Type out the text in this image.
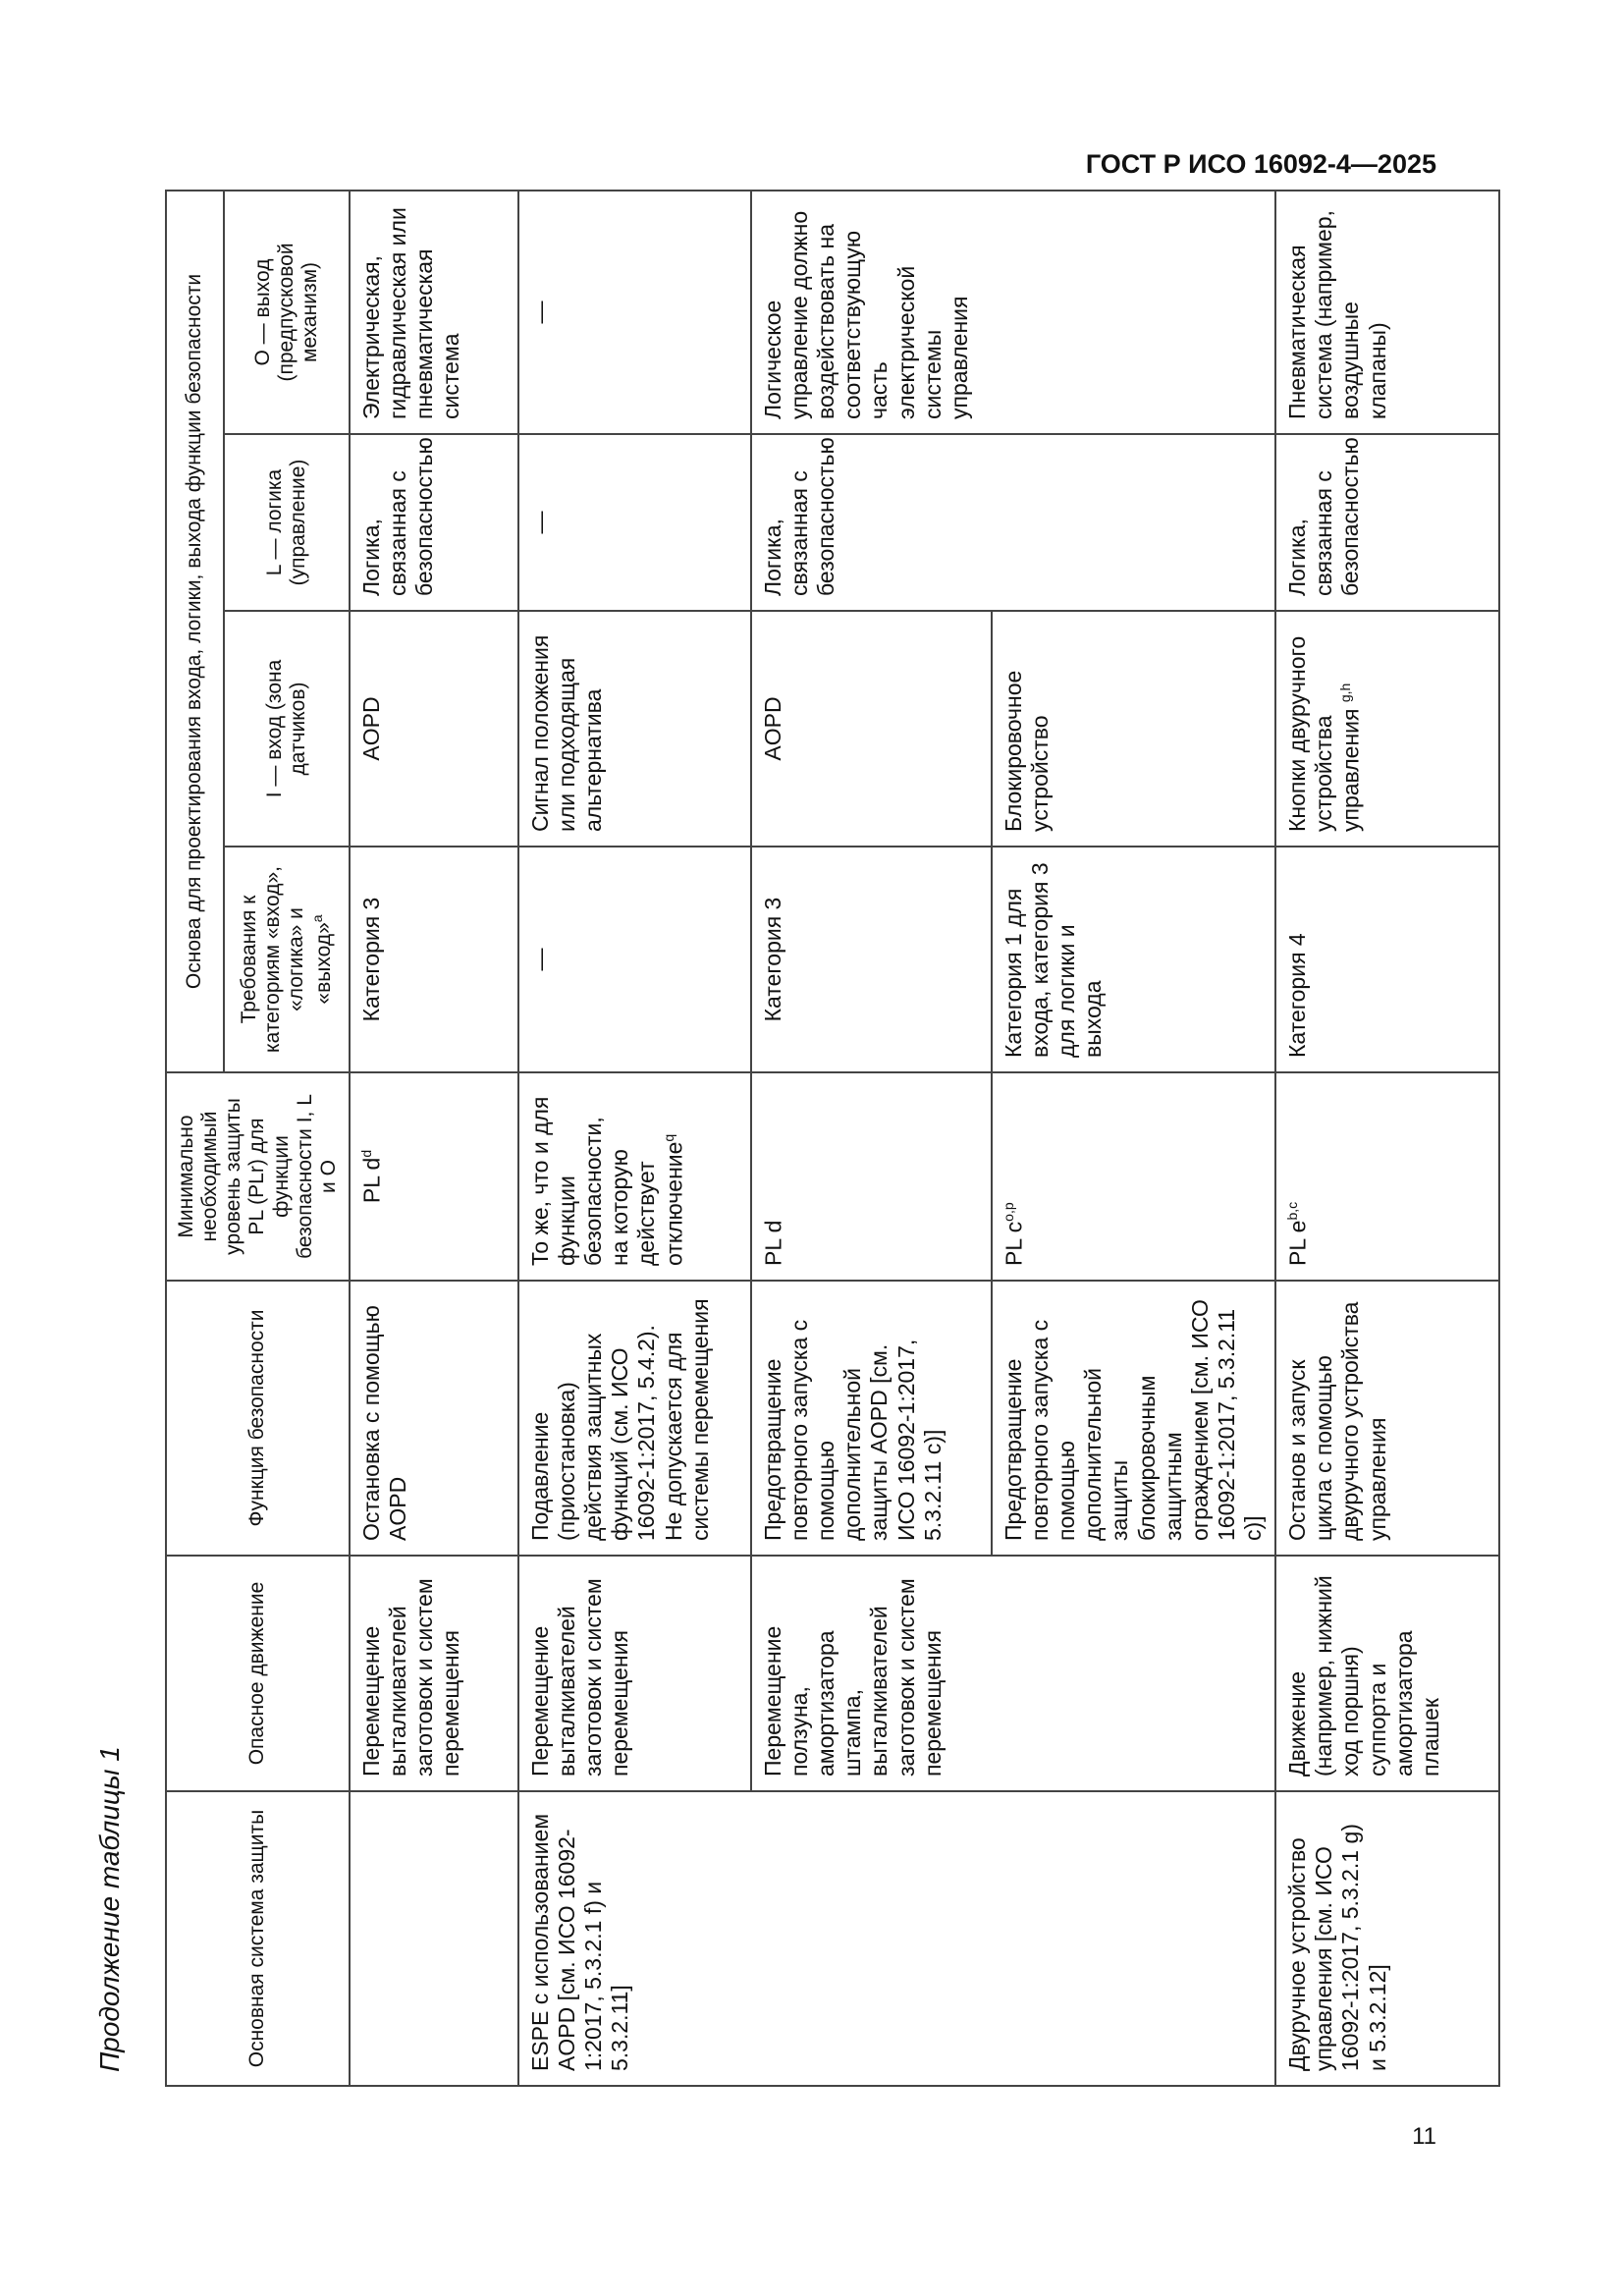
ГОСТ Р ИСО 16092-4—2025
Продолжение таблицы 1
11
Основная система защиты	Опасное движение	Функция безопасности	Минимально необходимый уровень защиты PL (PLr) для функции безопасности I, L и O	Основа для проектирования входа, логики, выхода функции безопасности			
				Требования к категориям «вход», «логика» и «выход»$^a$	I — вход (зона датчиков)	L — логика (управление)	O — выход (предпусковой механизм)
	Перемещение выталкивателей заготовок и систем перемещения	Остановка с помощью AOPD	PL $d^d$	Категория 3	AOPD	Логика, связанная с безопасностью	Электрическая, гидравлическая или пневматическая система
ESPE с использованием AOPD [см. ИСО 16092-1:2017, 5.3.2.1 f) и 5.3.2.11]	Перемещение выталкивателей заготовок и систем перемещения	Подавление (приостановка) действия защитных функций (см. ИСО 16092-1:2017, 5.4.2). Не допускается для системы перемещения	То же, что и для функции безопасности, на которую действует отключение$^q$	—	Сигнал положения или подходящая альтернатива	—	—
	Перемещение ползуна, амортизатора штампа, выталкивателей заготовок и систем перемещения	Предотвращение повторного запуска с помощью дополнительной защиты AOPD [см. ИСО 16092-1:2017, 5.3.2.11 c)]	PL d	Категория 3	AOPD	Логика, связанная с безопасностью	Логическое управление должно воздействовать на соответствующую часть электрической системы управления
		Предотвращение повторного запуска с помощью дополнительной защиты блокировочным защитным ограждением [см. ИСО 16092-1:2017, 5.3.2.11 c)]	PL $c^{o,p}$	Категория 1 для входа, категория 3 для логики и выхода	Блокировочное устройство		
Двуручное устройство управления [см. ИСО 16092-1:2017, 5.3.2.1 g) и 5.3.2.12]	Движение (например, нижний ход поршня) суппорта и амортизатора плашек	Останов и запуск цикла с помощью двуручного устройства управления	PL $e^{b,c}$	Категория 4	Кнопки двуручного устройства управления $^{g,h}$	Логика, связанная с безопасностью	Пневматическая система (например, воздушные клапаны)
